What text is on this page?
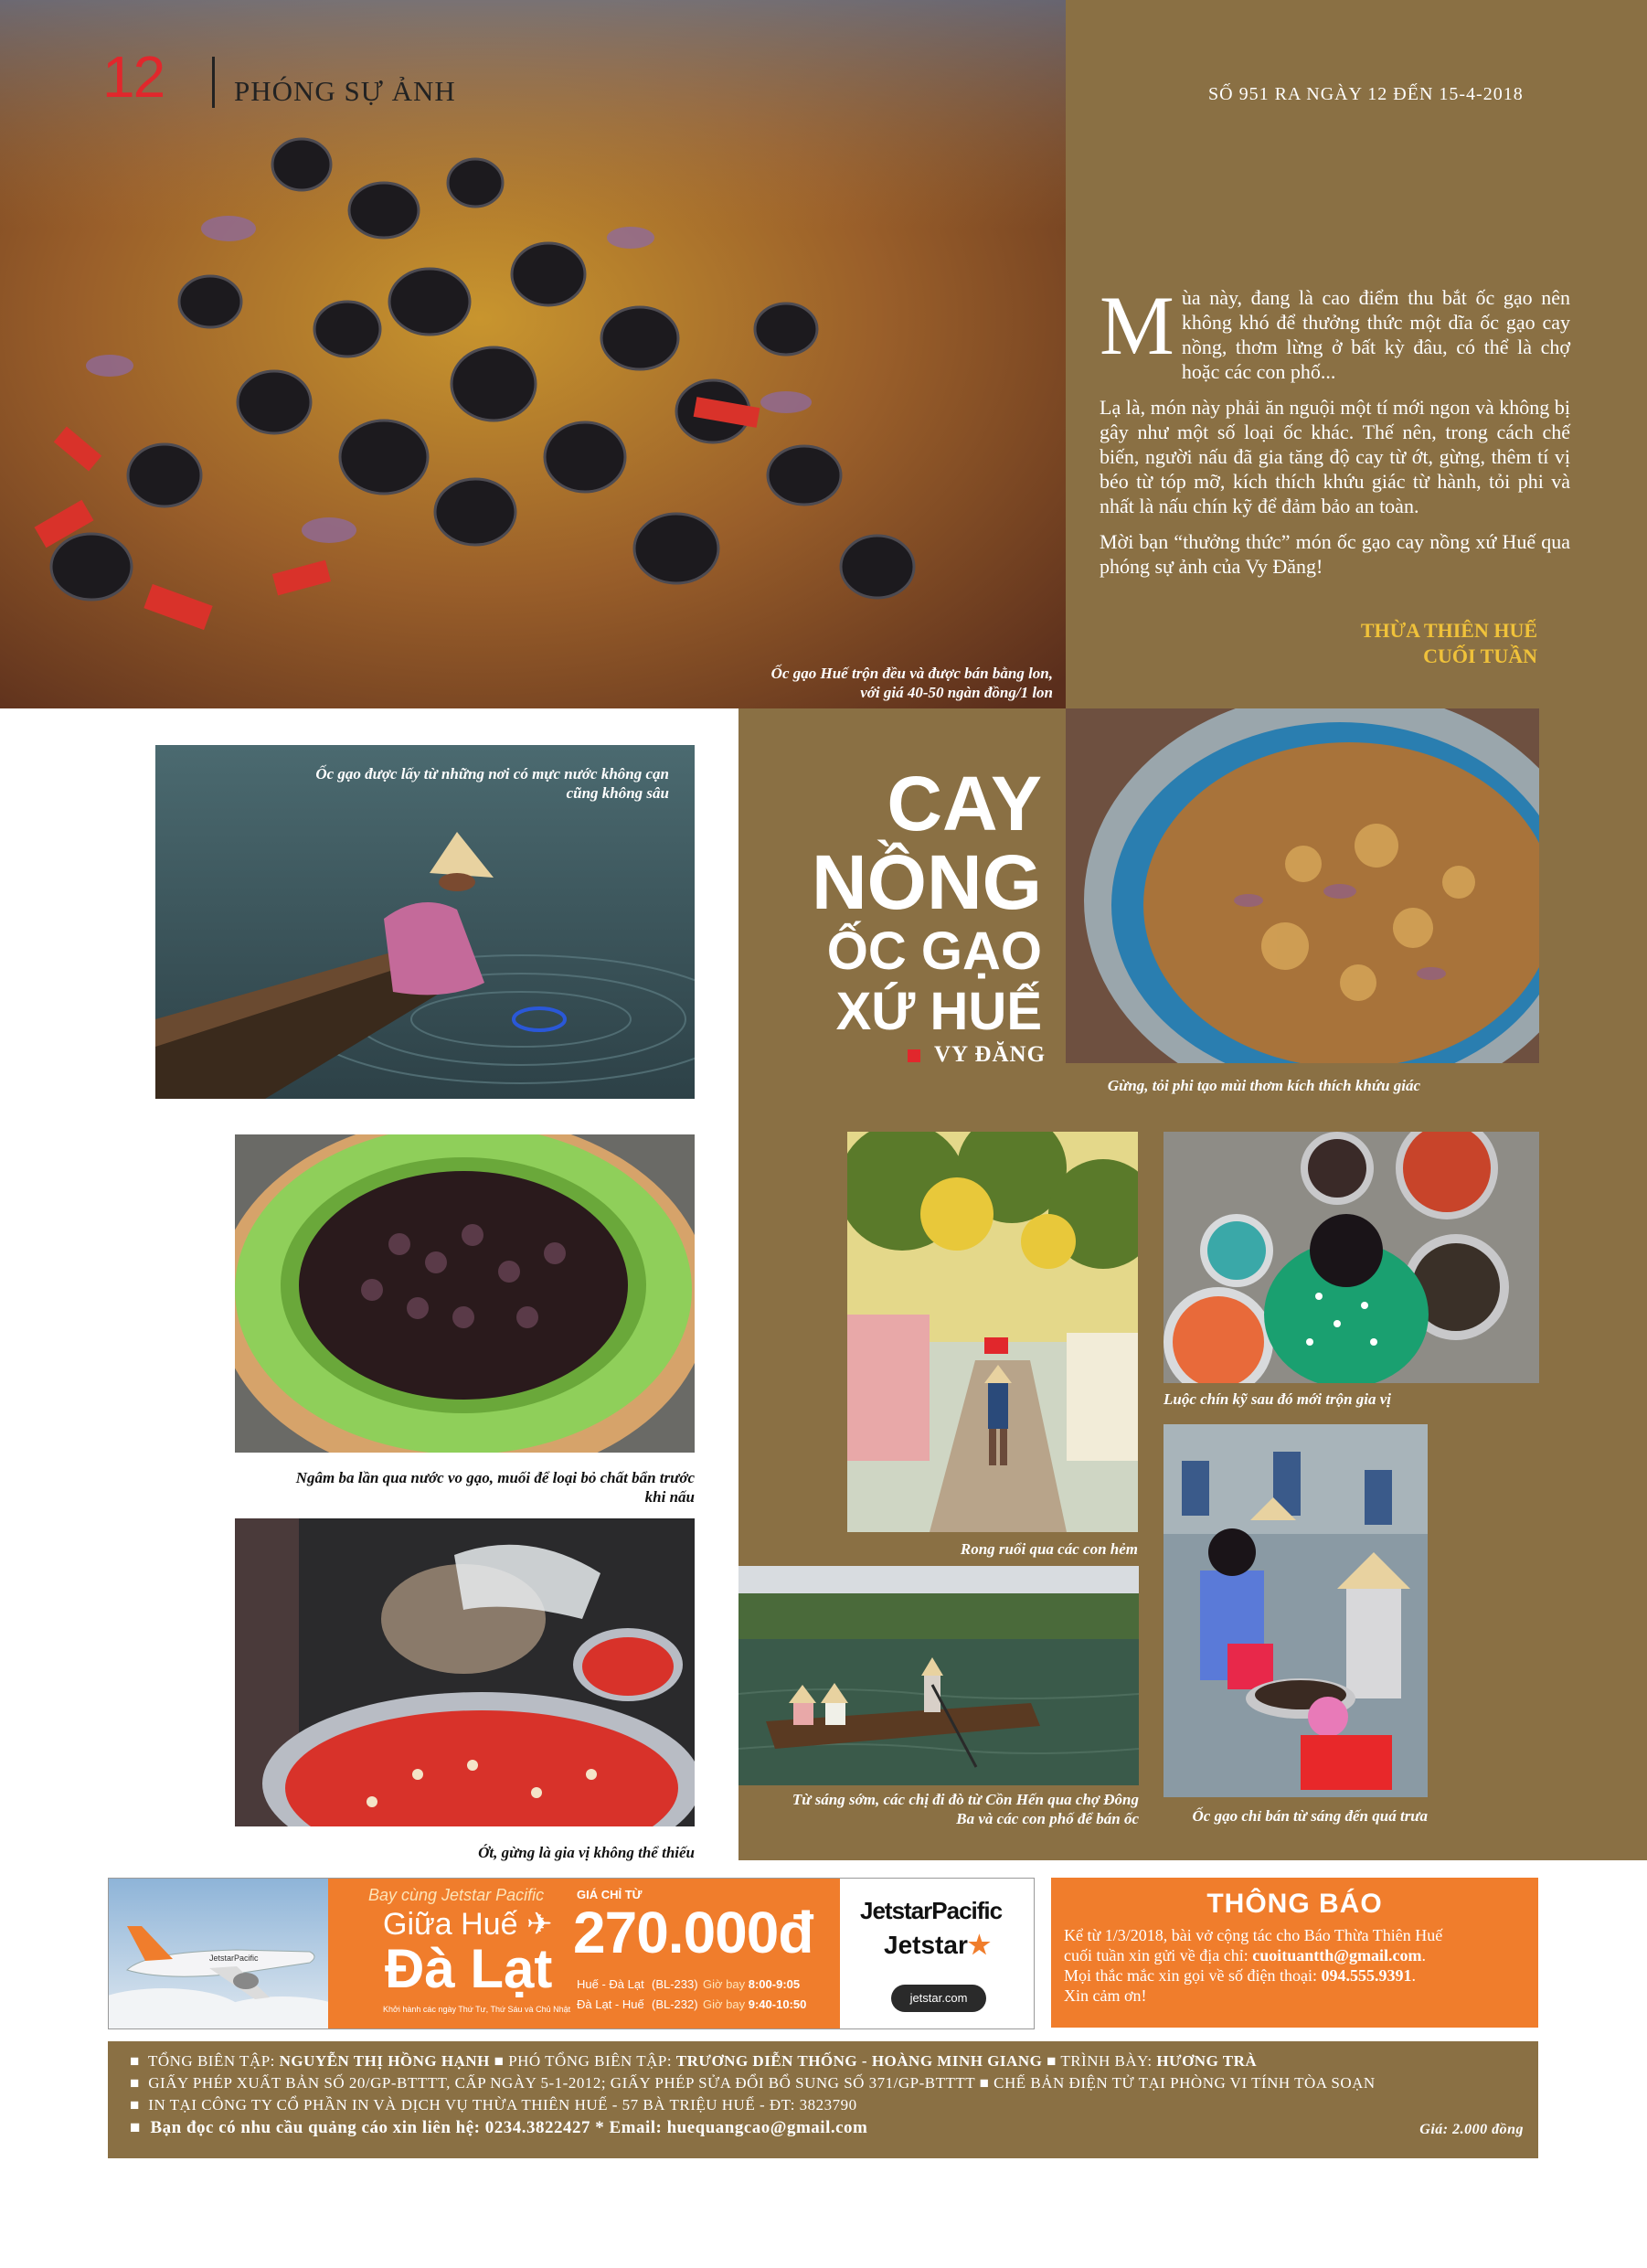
12 PHÓNG SỰ ẢNH	SỐ 951 RA NGÀY 12 ĐẾN 15-4-2018

Mùa này, đang là cao điểm thu bắt ốc gạo nên không khó để thưởng thức một dĩa ốc gạo cay nồng, thơm lừng ở bất kỳ đâu, có thể là chợ hoặc các con phố...

Lạ là, món này phải ăn nguội một tí mới ngon và không bị gây như một số loại ốc khác. Thế nên, trong cách chế biến, người nấu đã gia tăng độ cay từ ớt, gừng, thêm tí vị béo từ tóp mỡ, kích thích khứu giác từ hành, tỏi phi và nhất là nấu chín kỹ để đảm bảo an toàn.

Mời bạn “thưởng thức” món ốc gạo cay nồng xứ Huế qua phóng sự ảnh của Vy Đăng!

THỪA THIÊN HUẾ
CUỐI TUẦN
Ốc gạo Huế trộn đều và được bán bằng lon,
với giá 40-50 ngàn đồng/1 lon
CAY
NỒNG
ỐC GẠO
XỨ HUẾ
VY ĐĂNG
Ốc gạo được lấy từ những nơi có mực nước không cạn
cũng không sâu
Gừng, tỏi phi tạo mùi thơm kích thích khứu giác
Ngâm ba lần qua nước vo gạo, muối để loại bỏ chất bẩn trước
khi nấu
Ớt, gừng là gia vị không thể thiếu
Rong ruổi qua các con hẻm
Luộc chín kỹ sau đó mới trộn gia vị
Từ sáng sớm, các chị đi đò từ Cồn Hến qua chợ Đông
Ba và các con phố để bán ốc	Ốc gạo chỉ bán từ sáng đến quá trưa
JetstarPacific
Bay cùng Jetstar Pacific
Giữa Huế ✈
Đà Lạt
Khởi hành các ngày Thứ Tư, Thứ Sáu và Chủ Nhật
GIÁ CHỈ TỪ
270.000đ
Huế - Đà Lạt (BL-233) Giờ bay 8:00-9:05
Đà Lạt - Huế (BL-232) Giờ bay 9:40-10:50
JetstarPacific
Jetstar★
jetstar.com
THÔNG BÁO
Kể từ 1/3/2018, bài vở cộng tác cho Báo Thừa Thiên Huế
cuối tuần xin gửi về địa chỉ: cuoituantth@gmail.com.
Mọi thắc mắc xin gọi về số điện thoại: 094.555.9391.
Xin cảm ơn!
■ TỔNG BIÊN TẬP: NGUYỄN THỊ HỒNG HẠNH ■ PHÓ TỔNG BIÊN TẬP: TRƯƠNG DIỄN THỐNG - HOÀNG MINH GIANG ■ TRÌNH BÀY: HƯƠNG TRÀ
■ GIẤY PHÉP XUẤT BẢN SỐ 20/GP-BTTTT, CẤP NGÀY 5-1-2012; GIẤY PHÉP SỬA ĐỔI BỔ SUNG SỐ 371/GP-BTTTT ■ CHẾ BẢN ĐIỆN TỬ TẠI PHÒNG VI TÍNH TÒA SOẠN
■ IN TẠI CÔNG TY CỔ PHẦN IN VÀ DỊCH VỤ THỪA THIÊN HUẾ - 57 BÀ TRIỆU HUẾ - ĐT: 3823790
■ Bạn đọc có nhu cầu quảng cáo xin liên hệ: 0234.3822427 * Email: huequangcao@gmail.com	Giá: 2.000 đồng
